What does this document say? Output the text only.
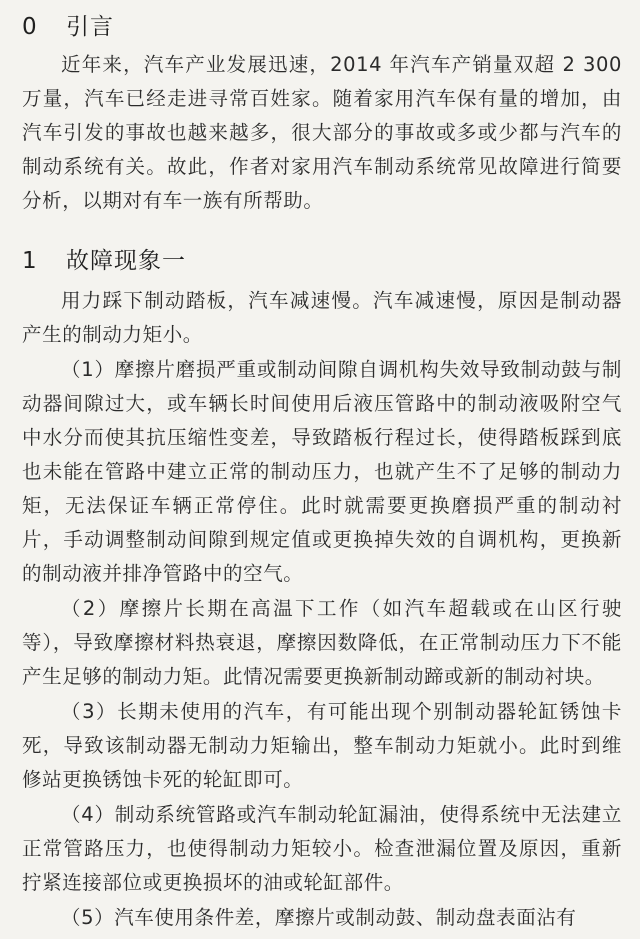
0	引言

近年来，汽车产业发展迅速，2014 年汽车产销量双超 2 300万量，汽车已经走进寻常百姓家。随着家用汽车保有量的增加，由汽车引发的事故也越来越多，很大部分的事故或多或少都与汽车的制动系统有关。故此，作者对家用汽车制动系统常见故障进行简要分析，以期对有车一族有所帮助。

1	故障现象一

用力踩下制动踏板，汽车减速慢。汽车减速慢，原因是制动器产生的制动力矩小。

（1）摩擦片磨损严重或制动间隙自调机构失效导致制动鼓与制动器间隙过大，或车辆长时间使用后液压管路中的制动液吸附空气中水分而使其抗压缩性变差，导致踏板行程过长，使得踏板踩到底也未能在管路中建立正常的制动压力，也就产生不了足够的制动力矩，无法保证车辆正常停住。此时就需要更换磨损严重的制动衬片，手动调整制动间隙到规定值或更换掉失效的自调机构，更换新的制动液并排净管路中的空气。

（2）摩擦片长期在高温下工作（如汽车超载或在山区行驶等），导致摩擦材料热衰退，摩擦因数降低，在正常制动压力下不能产生足够的制动力矩。此情况需要更换新制动蹄或新的制动衬块。

（3）长期未使用的汽车，有可能出现个别制动器轮缸锈蚀卡死，导致该制动器无制动力矩输出，整车制动力矩就小。此时到维修站更换锈蚀卡死的轮缸即可。

（4）制动系统管路或汽车制动轮缸漏油，使得系统中无法建立正常管路压力，也使得制动力矩较小。检查泄漏位置及原因，重新拧紧连接部位或更换损坏的油或轮缸部件。

（5）汽车使用条件差，摩擦片或制动鼓、制动盘表面沾有
